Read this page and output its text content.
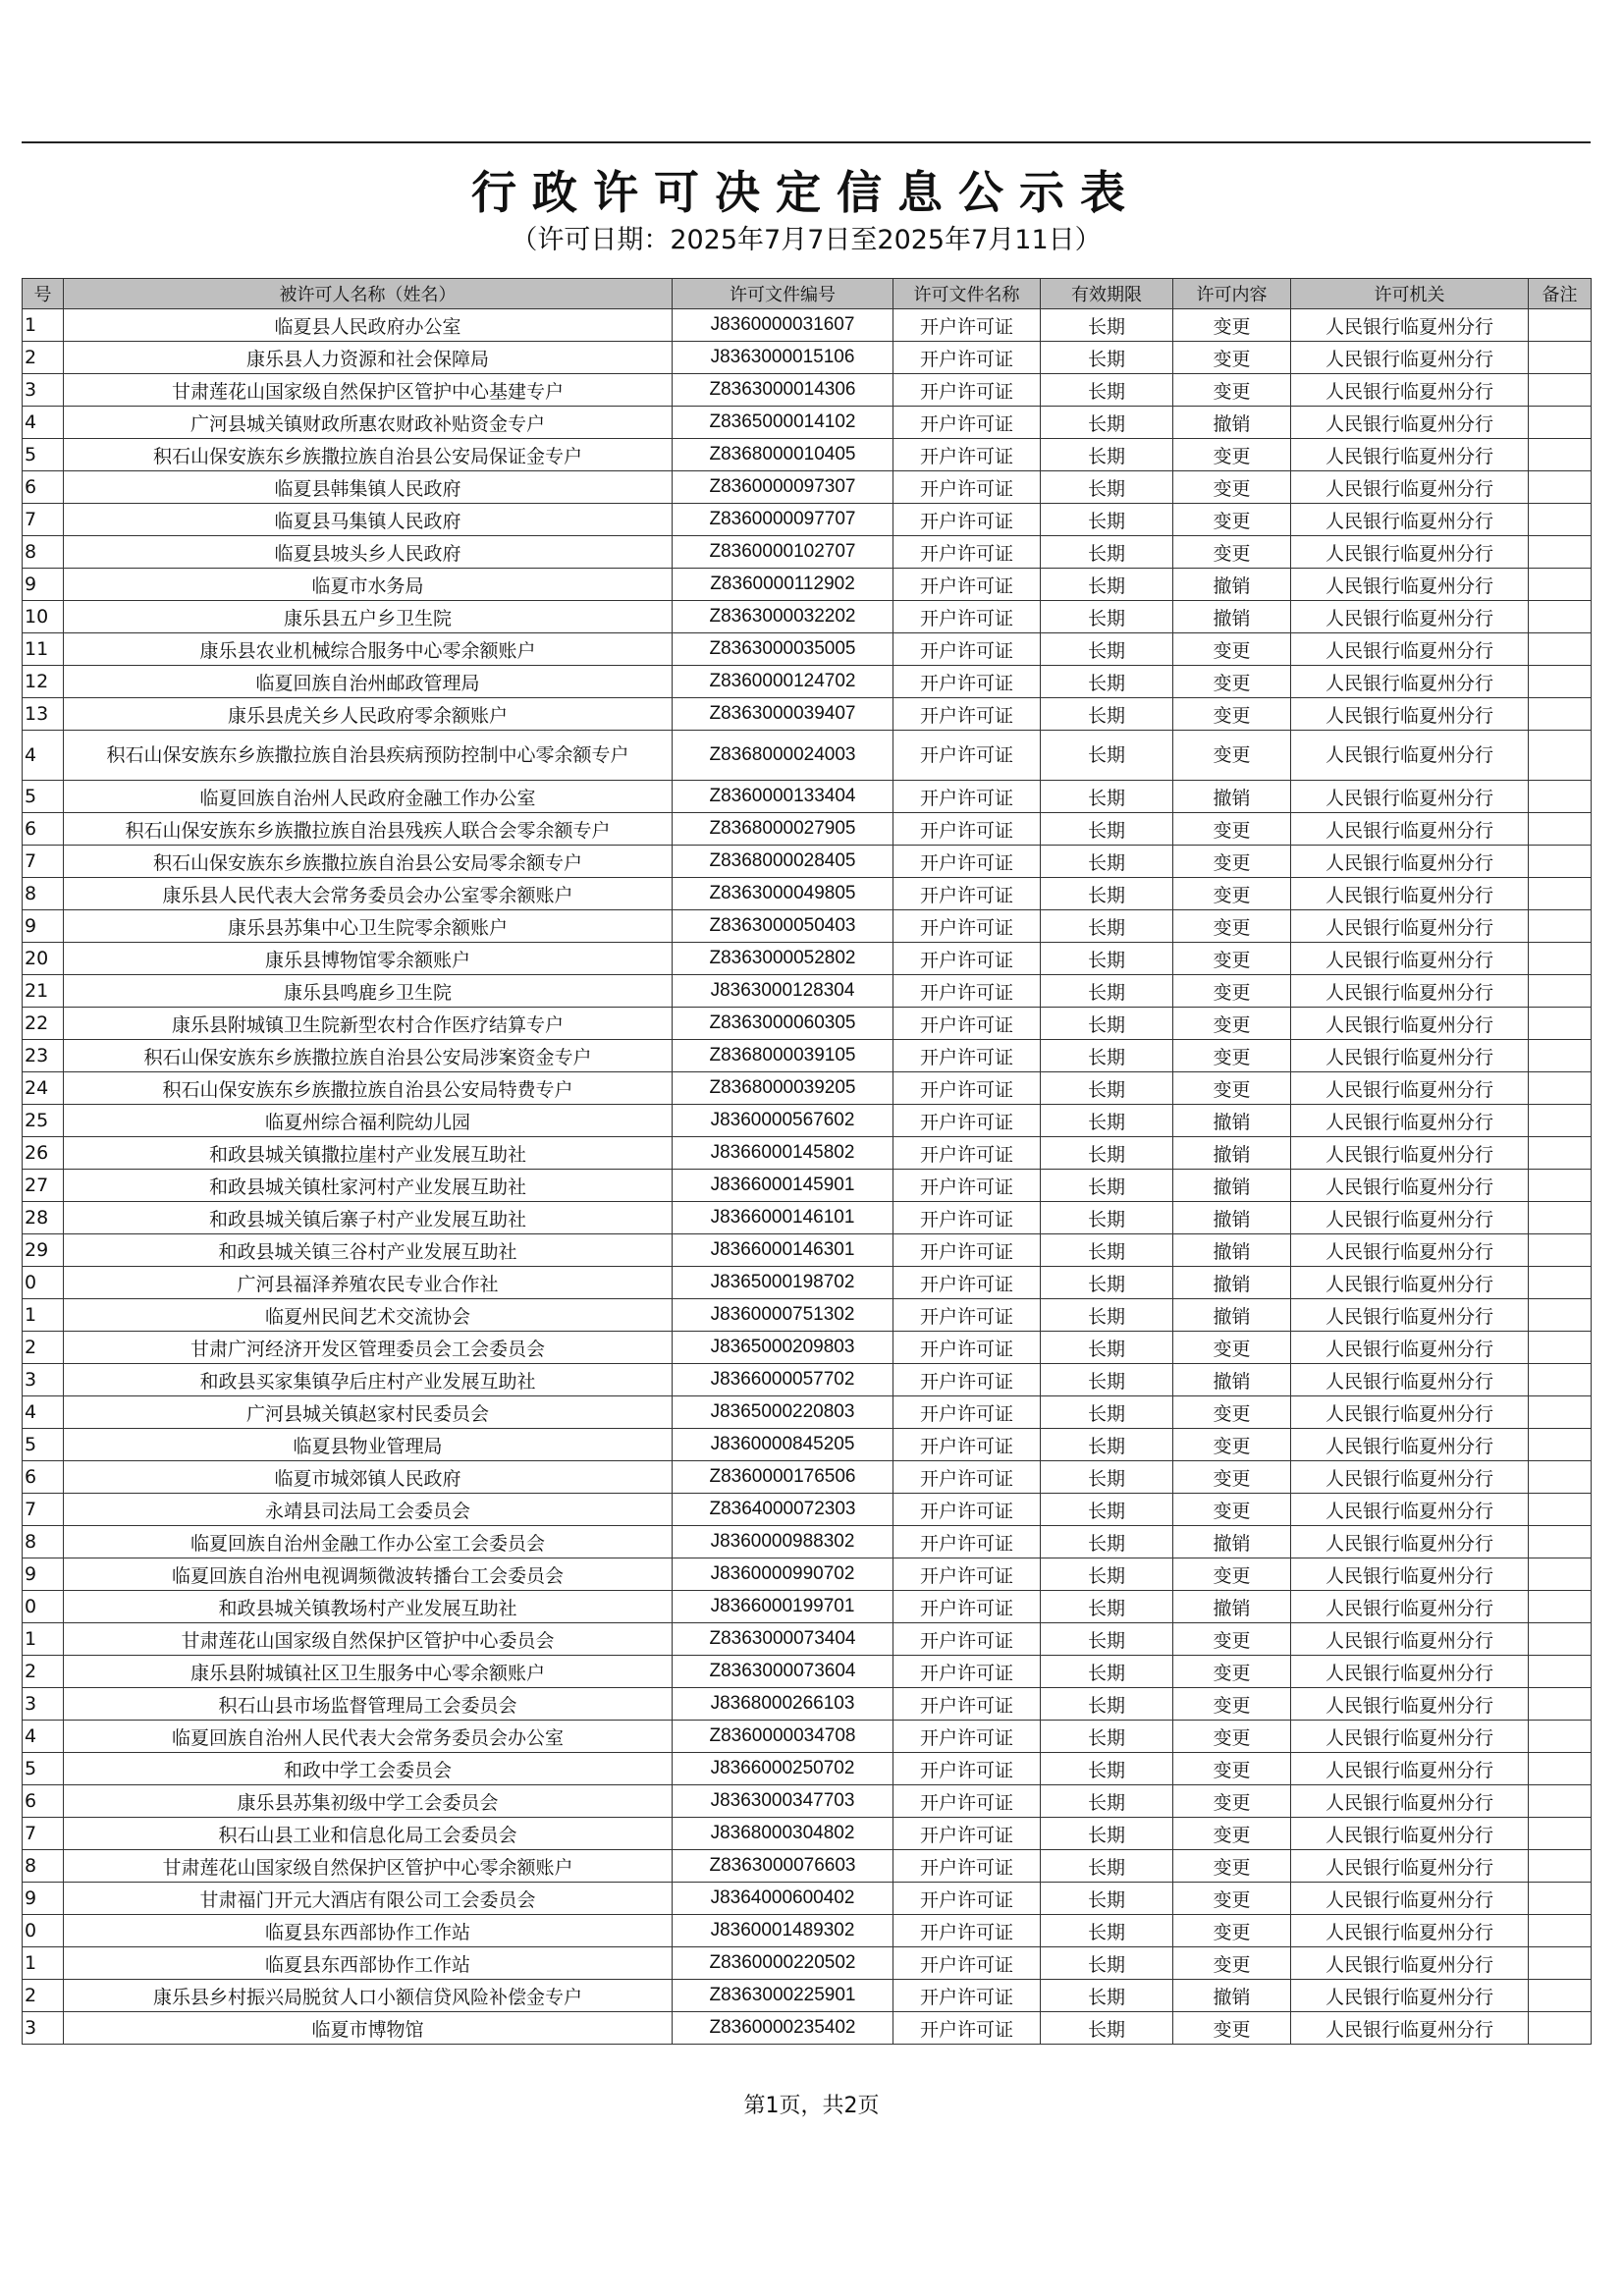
行政许可决定信息公示表
（许可日期：2025年7月7日至2025年7月11日）
号	被许可人名称（姓名）	许可文件编号	许可文件名称	有效期限	许可内容	许可机关	备注
1	临夏县人民政府办公室	J8360000031607	开户许可证	长期	变更	人民银行临夏州分行	
2	康乐县人力资源和社会保障局	J8363000015106	开户许可证	长期	变更	人民银行临夏州分行	
3	甘肃莲花山国家级自然保护区管护中心基建专户	Z8363000014306	开户许可证	长期	变更	人民银行临夏州分行	
4	广河县城关镇财政所惠农财政补贴资金专户	Z8365000014102	开户许可证	长期	撤销	人民银行临夏州分行	
5	积石山保安族东乡族撒拉族自治县公安局保证金专户	Z8368000010405	开户许可证	长期	变更	人民银行临夏州分行	
6	临夏县韩集镇人民政府	Z8360000097307	开户许可证	长期	变更	人民银行临夏州分行	
7	临夏县马集镇人民政府	Z8360000097707	开户许可证	长期	变更	人民银行临夏州分行	
8	临夏县坡头乡人民政府	Z8360000102707	开户许可证	长期	变更	人民银行临夏州分行	
9	临夏市水务局	Z8360000112902	开户许可证	长期	撤销	人民银行临夏州分行	
10	康乐县五户乡卫生院	Z8363000032202	开户许可证	长期	撤销	人民银行临夏州分行	
11	康乐县农业机械综合服务中心零余额账户	Z8363000035005	开户许可证	长期	变更	人民银行临夏州分行	
12	临夏回族自治州邮政管理局	Z8360000124702	开户许可证	长期	变更	人民银行临夏州分行	
13	康乐县虎关乡人民政府零余额账户	Z8363000039407	开户许可证	长期	变更	人民银行临夏州分行	
4	积石山保安族东乡族撒拉族自治县疾病预防控制中心零余额专户	Z8368000024003	开户许可证	长期	变更	人民银行临夏州分行	
5	临夏回族自治州人民政府金融工作办公室	Z8360000133404	开户许可证	长期	撤销	人民银行临夏州分行	
6	积石山保安族东乡族撒拉族自治县残疾人联合会零余额专户	Z8368000027905	开户许可证	长期	变更	人民银行临夏州分行	
7	积石山保安族东乡族撒拉族自治县公安局零余额专户	Z8368000028405	开户许可证	长期	变更	人民银行临夏州分行	
8	康乐县人民代表大会常务委员会办公室零余额账户	Z8363000049805	开户许可证	长期	变更	人民银行临夏州分行	
9	康乐县苏集中心卫生院零余额账户	Z8363000050403	开户许可证	长期	变更	人民银行临夏州分行	
20	康乐县博物馆零余额账户	Z8363000052802	开户许可证	长期	变更	人民银行临夏州分行	
21	康乐县鸣鹿乡卫生院	J8363000128304	开户许可证	长期	变更	人民银行临夏州分行	
22	康乐县附城镇卫生院新型农村合作医疗结算专户	Z8363000060305	开户许可证	长期	变更	人民银行临夏州分行	
23	积石山保安族东乡族撒拉族自治县公安局涉案资金专户	Z8368000039105	开户许可证	长期	变更	人民银行临夏州分行	
24	积石山保安族东乡族撒拉族自治县公安局特费专户	Z8368000039205	开户许可证	长期	变更	人民银行临夏州分行	
25	临夏州综合福利院幼儿园	J8360000567602	开户许可证	长期	撤销	人民银行临夏州分行	
26	和政县城关镇撒拉崖村产业发展互助社	J8366000145802	开户许可证	长期	撤销	人民银行临夏州分行	
27	和政县城关镇杜家河村产业发展互助社	J8366000145901	开户许可证	长期	撤销	人民银行临夏州分行	
28	和政县城关镇后寨子村产业发展互助社	J8366000146101	开户许可证	长期	撤销	人民银行临夏州分行	
29	和政县城关镇三谷村产业发展互助社	J8366000146301	开户许可证	长期	撤销	人民银行临夏州分行	
0	广河县福泽养殖农民专业合作社	J8365000198702	开户许可证	长期	撤销	人民银行临夏州分行	
1	临夏州民间艺术交流协会	J8360000751302	开户许可证	长期	撤销	人民银行临夏州分行	
2	甘肃广河经济开发区管理委员会工会委员会	J8365000209803	开户许可证	长期	变更	人民银行临夏州分行	
3	和政县买家集镇孕后庄村产业发展互助社	J8366000057702	开户许可证	长期	撤销	人民银行临夏州分行	
4	广河县城关镇赵家村民委员会	J8365000220803	开户许可证	长期	变更	人民银行临夏州分行	
5	临夏县物业管理局	J8360000845205	开户许可证	长期	变更	人民银行临夏州分行	
6	临夏市城郊镇人民政府	Z8360000176506	开户许可证	长期	变更	人民银行临夏州分行	
7	永靖县司法局工会委员会	Z8364000072303	开户许可证	长期	变更	人民银行临夏州分行	
8	临夏回族自治州金融工作办公室工会委员会	J8360000988302	开户许可证	长期	撤销	人民银行临夏州分行	
9	临夏回族自治州电视调频微波转播台工会委员会	J8360000990702	开户许可证	长期	变更	人民银行临夏州分行	
0	和政县城关镇教场村产业发展互助社	J8366000199701	开户许可证	长期	撤销	人民银行临夏州分行	
1	甘肃莲花山国家级自然保护区管护中心委员会	Z8363000073404	开户许可证	长期	变更	人民银行临夏州分行	
2	康乐县附城镇社区卫生服务中心零余额账户	Z8363000073604	开户许可证	长期	变更	人民银行临夏州分行	
3	积石山县市场监督管理局工会委员会	J8368000266103	开户许可证	长期	变更	人民银行临夏州分行	
4	临夏回族自治州人民代表大会常务委员会办公室	Z8360000034708	开户许可证	长期	变更	人民银行临夏州分行	
5	和政中学工会委员会	J8366000250702	开户许可证	长期	变更	人民银行临夏州分行	
6	康乐县苏集初级中学工会委员会	J8363000347703	开户许可证	长期	变更	人民银行临夏州分行	
7	积石山县工业和信息化局工会委员会	J8368000304802	开户许可证	长期	变更	人民银行临夏州分行	
8	甘肃莲花山国家级自然保护区管护中心零余额账户	Z8363000076603	开户许可证	长期	变更	人民银行临夏州分行	
9	甘肃福门开元大酒店有限公司工会委员会	J8364000600402	开户许可证	长期	变更	人民银行临夏州分行	
0	临夏县东西部协作工作站	J8360001489302	开户许可证	长期	变更	人民银行临夏州分行	
1	临夏县东西部协作工作站	Z8360000220502	开户许可证	长期	变更	人民银行临夏州分行	
2	康乐县乡村振兴局脱贫人口小额信贷风险补偿金专户	Z8363000225901	开户许可证	长期	撤销	人民银行临夏州分行	
3	临夏市博物馆	Z8360000235402	开户许可证	长期	变更	人民银行临夏州分行	
第1页，共2页
